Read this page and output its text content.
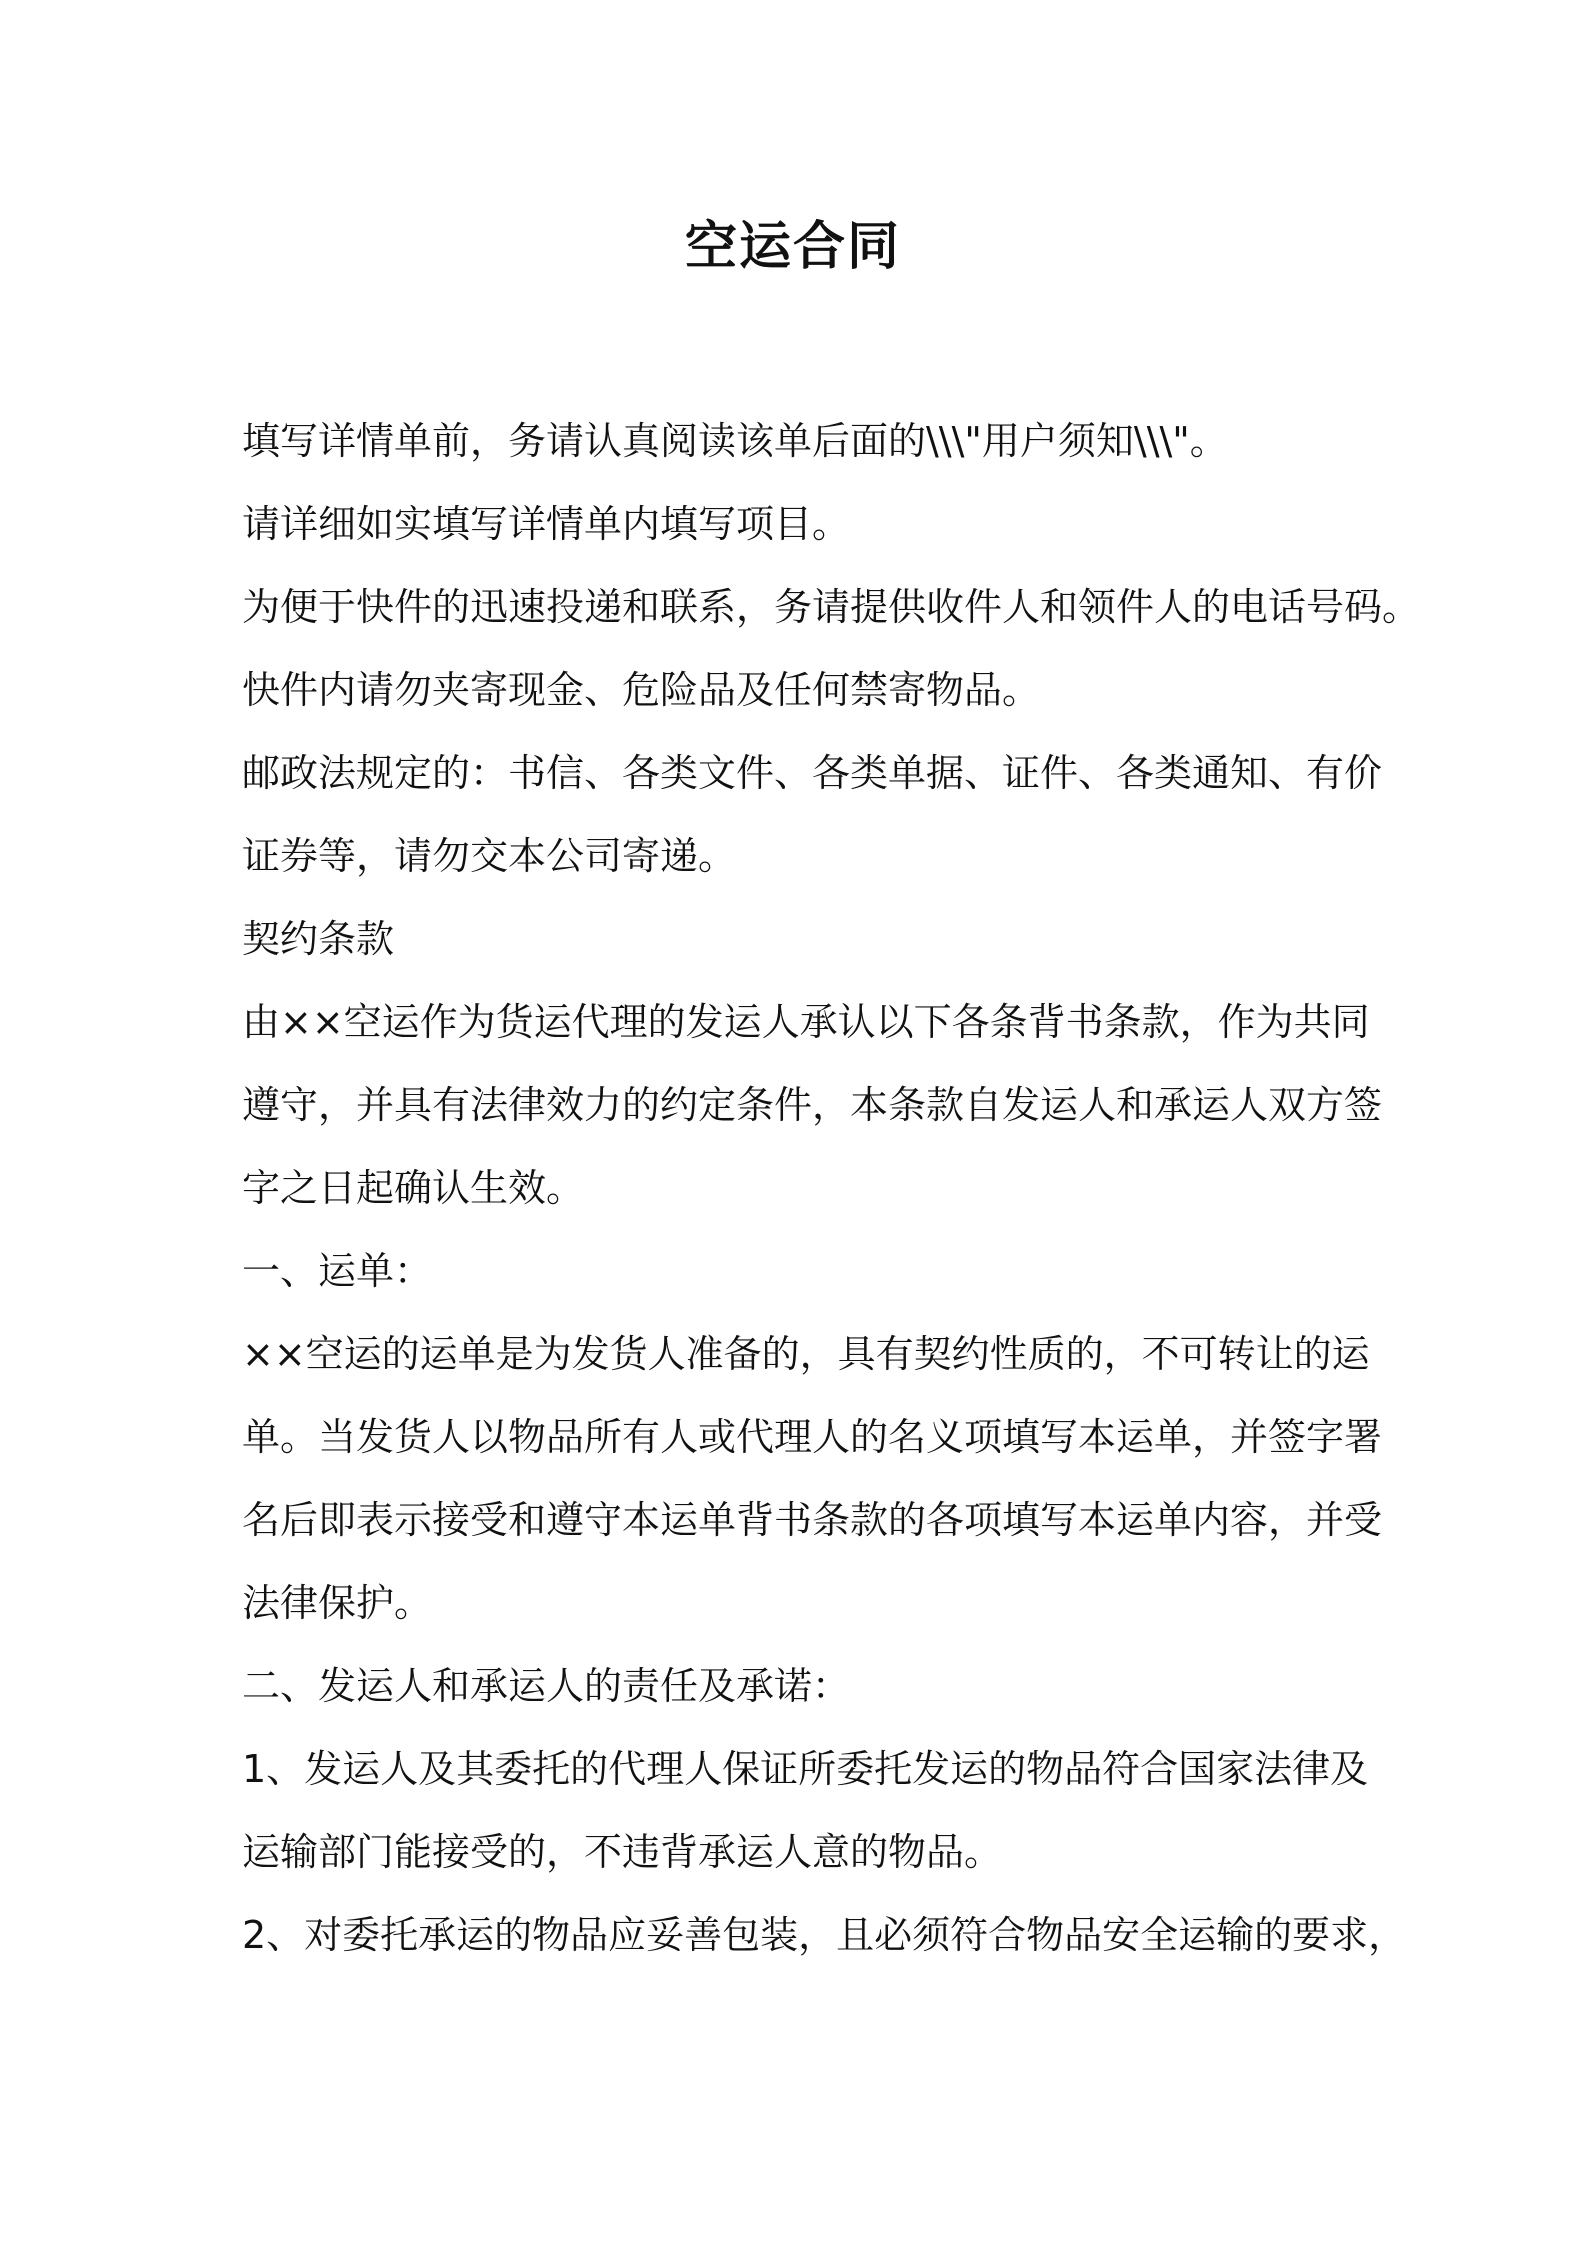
空运合同
填写详情单前，务请认真阅读该单后面的\\\"用户须知\\\"。
请详细如实填写详情单内填写项目。
为便于快件的迅速投递和联系，务请提供收件人和领件人的电话号码。
快件内请勿夹寄现金、危险品及任何禁寄物品。
邮政法规定的：书信、各类文件、各类单据、证件、各类通知、有价
证券等，请勿交本公司寄递。
契约条款
由××空运作为货运代理的发运人承认以下各条背书条款，作为共同
遵守，并具有法律效力的约定条件，本条款自发运人和承运人双方签
字之日起确认生效。
一、运单：
××空运的运单是为发货人准备的，具有契约性质的，不可转让的运
单。当发货人以物品所有人或代理人的名义项填写本运单，并签字署
名后即表示接受和遵守本运单背书条款的各项填写本运单内容，并受
法律保护。
二、发运人和承运人的责任及承诺：
1、发运人及其委托的代理人保证所委托发运的物品符合国家法律及
运输部门能接受的，不违背承运人意的物品。
2、对委托承运的物品应妥善包装，且必须符合物品安全运输的要求，
